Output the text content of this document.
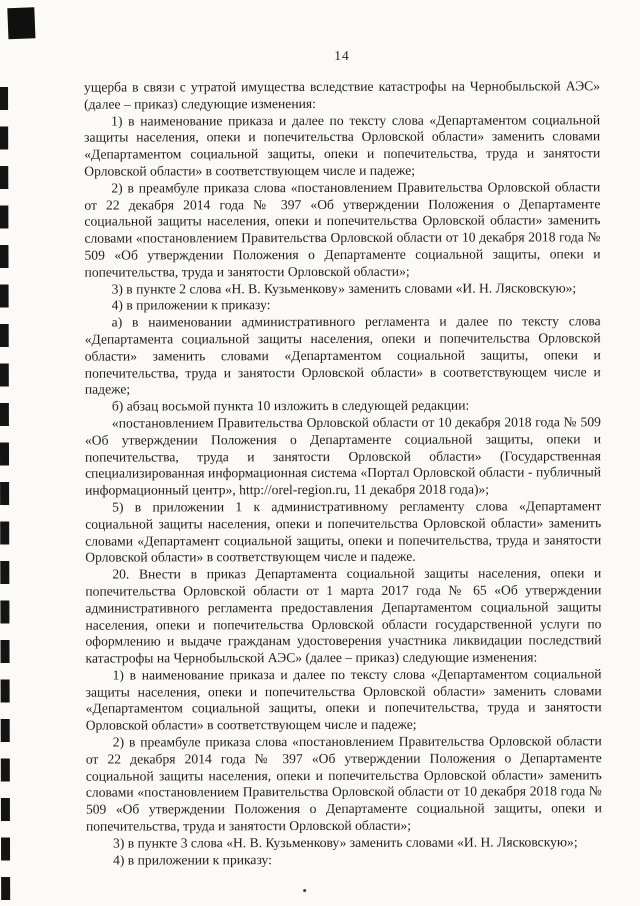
14

ущерба в связи с утратой имущества вследствие катастрофы на Чернобыльской АЭС» (далее – приказ) следующие изменения:

1) в наименование приказа и далее по тексту слова «Департаментом социальной защиты населения, опеки и попечительства Орловской области» заменить словами «Департаментом социальной защиты, опеки и попечительства, труда и занятости Орловской области» в соответствующем числе и падеже;

2) в преамбуле приказа слова «постановлением Правительства Орловской области от 22 декабря 2014 года № 397 «Об утверждении Положения о Департаменте социальной защиты населения, опеки и попечительства Орловской области» заменить словами «постановлением Правительства Орловской области от 10 декабря 2018 года № 509 «Об утверждении Положения о Департаменте социальной защиты, опеки и попечительства, труда и занятости Орловской области»;

3) в пункте 2 слова «Н. В. Кузьменкову» заменить словами «И. Н. Лясковскую»;

4) в приложении к приказу:

а) в наименовании административного регламента и далее по тексту слова «Департамента социальной защиты населения, опеки и попечительства Орловской области» заменить словами «Департаментом социальной защиты, опеки и попечительства, труда и занятости Орловской области» в соответствующем числе и падеже;

б) абзац восьмой пункта 10 изложить в следующей редакции:

«постановлением Правительства Орловской области от 10 декабря 2018 года № 509 «Об утверждении Положения о Департаменте социальной защиты, опеки и попечительства, труда и занятости Орловской области» (Государственная специализированная информационная система «Портал Орловской области - публичный информационный центр», http://orel-region.ru, 11 декабря 2018 года)»;

5) в приложении 1 к административному регламенту слова «Департамент социальной защиты населения, опеки и попечительства Орловской области» заменить словами «Департамент социальной защиты, опеки и попечительства, труда и занятости Орловской области» в соответствующем числе и падеже.

20. Внести в приказ Департамента социальной защиты населения, опеки и попечительства Орловской области от 1 марта 2017 года № 65 «Об утверждении административного регламента предоставления Департаментом социальной защиты населения, опеки и попечительства Орловской области государственной услуги по оформлению и выдаче гражданам удостоверения участника ликвидации последствий катастрофы на Чернобыльской АЭС» (далее – приказ) следующие изменения:

1) в наименование приказа и далее по тексту слова «Департаментом социальной защиты населения, опеки и попечительства Орловской области» заменить словами «Департаментом социальной защиты, опеки и попечительства, труда и занятости Орловской области» в соответствующем числе и падеже;

2) в преамбуле приказа слова «постановлением Правительства Орловской области от 22 декабря 2014 года № 397 «Об утверждении Положения о Департаменте социальной защиты населения, опеки и попечительства Орловской области» заменить словами «постановлением Правительства Орловской области от 10 декабря 2018 года № 509 «Об утверждении Положения о Департаменте социальной защиты, опеки и попечительства, труда и занятости Орловской области»;

3) в пункте 3 слова «Н. В. Кузьменкову» заменить словами «И. Н. Лясковскую»;

4) в приложении к приказу:
